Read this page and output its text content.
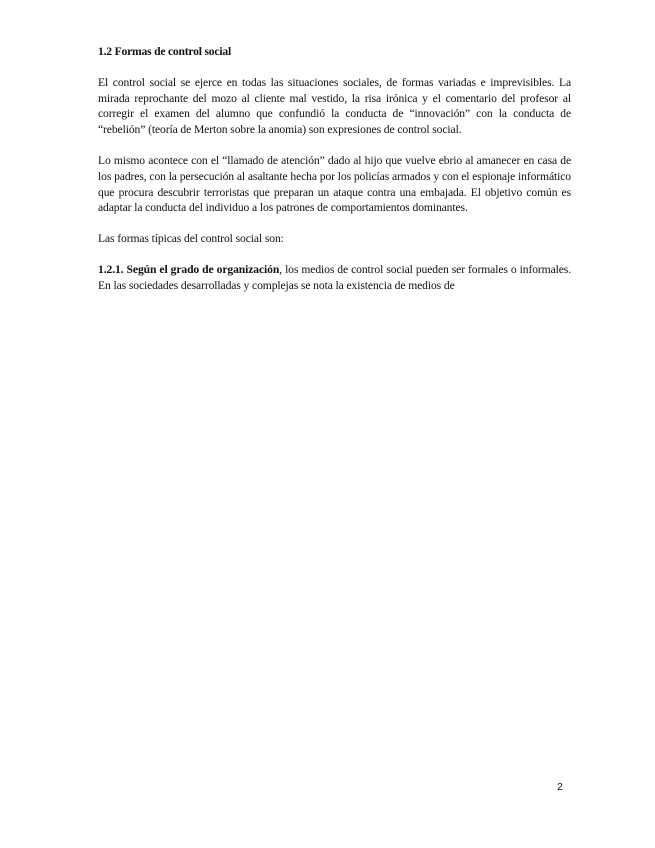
1.2 Formas de control social

El control social se ejerce en todas las situaciones sociales, de formas variadas e imprevisibles. La mirada reprochante del mozo al cliente mal vestido, la risa irónica y el comentario del profesor al corregir el examen del alumno que confundió la conducta de “innovación” con la conducta de “rebelión” (teoría de Merton sobre la anomia) son expresiones de control social.

Lo mismo acontece con el “llamado de atención” dado al hijo que vuelve ebrio al amanecer en casa de los padres, con la persecución al asaltante hecha por los policías armados y con el espionaje informático que procura descubrir terroristas que preparan un ataque contra una embajada. El objetivo común es adaptar la conducta del individuo a los patrones de comportamientos dominantes.

Las formas típicas del control social son:

1.2.1. Según el grado de organización, los medios de control social pueden ser formales o informales. En las sociedades desarrolladas y complejas se nota la existencia de medios de

2
